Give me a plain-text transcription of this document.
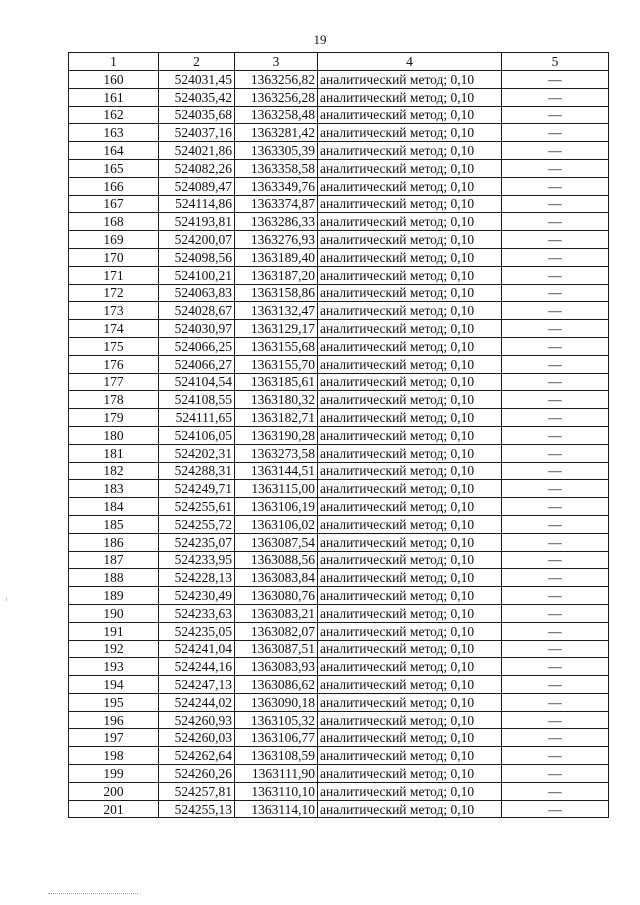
19
1	2	3	4	5
160	524031,45	1363256,82	аналитический метод; 0,10	—
161	524035,42	1363256,28	аналитический метод; 0,10	—
162	524035,68	1363258,48	аналитический метод; 0,10	—
163	524037,16	1363281,42	аналитический метод; 0,10	—
164	524021,86	1363305,39	аналитический метод; 0,10	—
165	524082,26	1363358,58	аналитический метод; 0,10	—
166	524089,47	1363349,76	аналитический метод; 0,10	—
167	524114,86	1363374,87	аналитический метод; 0,10	—
168	524193,81	1363286,33	аналитический метод; 0,10	—
169	524200,07	1363276,93	аналитический метод; 0,10	—
170	524098,56	1363189,40	аналитический метод; 0,10	—
171	524100,21	1363187,20	аналитический метод; 0,10	—
172	524063,83	1363158,86	аналитический метод; 0,10	—
173	524028,67	1363132,47	аналитический метод; 0,10	—
174	524030,97	1363129,17	аналитический метод; 0,10	—
175	524066,25	1363155,68	аналитический метод; 0,10	—
176	524066,27	1363155,70	аналитический метод; 0,10	—
177	524104,54	1363185,61	аналитический метод; 0,10	—
178	524108,55	1363180,32	аналитический метод; 0,10	—
179	524111,65	1363182,71	аналитический метод; 0,10	—
180	524106,05	1363190,28	аналитический метод; 0,10	—
181	524202,31	1363273,58	аналитический метод; 0,10	—
182	524288,31	1363144,51	аналитический метод; 0,10	—
183	524249,71	1363115,00	аналитический метод; 0,10	—
184	524255,61	1363106,19	аналитический метод; 0,10	—
185	524255,72	1363106,02	аналитический метод; 0,10	—
186	524235,07	1363087,54	аналитический метод; 0,10	—
187	524233,95	1363088,56	аналитический метод; 0,10	—
188	524228,13	1363083,84	аналитический метод; 0,10	—
189	524230,49	1363080,76	аналитический метод; 0,10	—
190	524233,63	1363083,21	аналитический метод; 0,10	—
191	524235,05	1363082,07	аналитический метод; 0,10	—
192	524241,04	1363087,51	аналитический метод; 0,10	—
193	524244,16	1363083,93	аналитический метод; 0,10	—
194	524247,13	1363086,62	аналитический метод; 0,10	—
195	524244,02	1363090,18	аналитический метод; 0,10	—
196	524260,93	1363105,32	аналитический метод; 0,10	—
197	524260,03	1363106,77	аналитический метод; 0,10	—
198	524262,64	1363108,59	аналитический метод; 0,10	—
199	524260,26	1363111,90	аналитический метод; 0,10	—
200	524257,81	1363110,10	аналитический метод; 0,10	—
201	524255,13	1363114,10	аналитический метод; 0,10	—
